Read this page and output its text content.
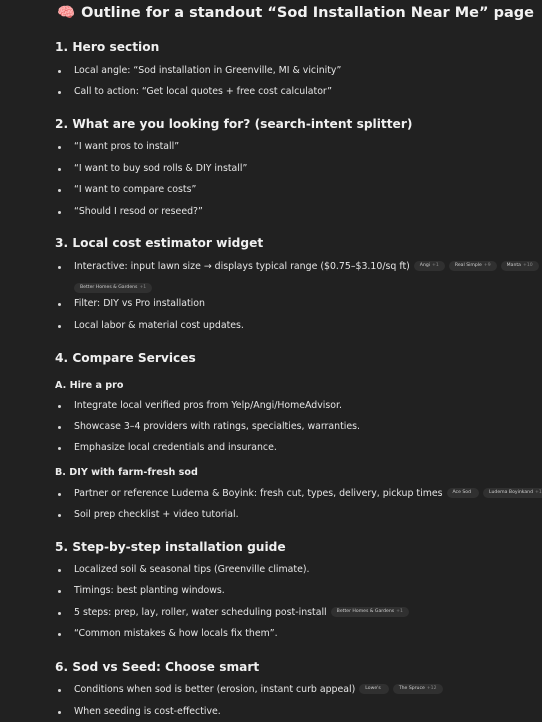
🧠 Outline for a standout “Sod Installation Near Me” page
1. Hero section
Local angle: “Sod installation in Greenville, MI & vicinity”
Call to action: “Get local quotes + free cost calculator”
2. What are you looking for? (search-intent splitter)
“I want pros to install”
“I want to buy sod rolls & DIY install”
“I want to compare costs”
“Should I resod or reseed?”
3. Local cost estimator widget
Interactive: input lawn size → displays typical range ($0.75–$3.10/sq ft) Angi +1	Real Simple +9	Manta +10
Better Homes & Gardens +1
Filter: DIY vs Pro installation
Local labor & material cost updates.
4. Compare Services
A. Hire a pro
Integrate local verified pros from Yelp/Angi/HomeAdvisor.
Showcase 3–4 providers with ratings, specialties, warranties.
Emphasize local credentials and insurance.
B. DIY with farm-fresh sod
Partner or reference Ludema & Boyink: fresh cut, types, delivery, pickup times Ace Sod	Ludema Boyinkand +1
Soil prep checklist + video tutorial.
5. Step-by-step installation guide
Localized soil & seasonal tips (Greenville climate).
Timings: best planting windows.
5 steps: prep, lay, roller, water scheduling post-install Better Homes & Gardens +1
“Common mistakes & how locals fix them”.
6. Sod vs Seed: Choose smart
Conditions when sod is better (erosion, instant curb appeal) Lowe's	The Spruce +12
When seeding is cost-effective.
